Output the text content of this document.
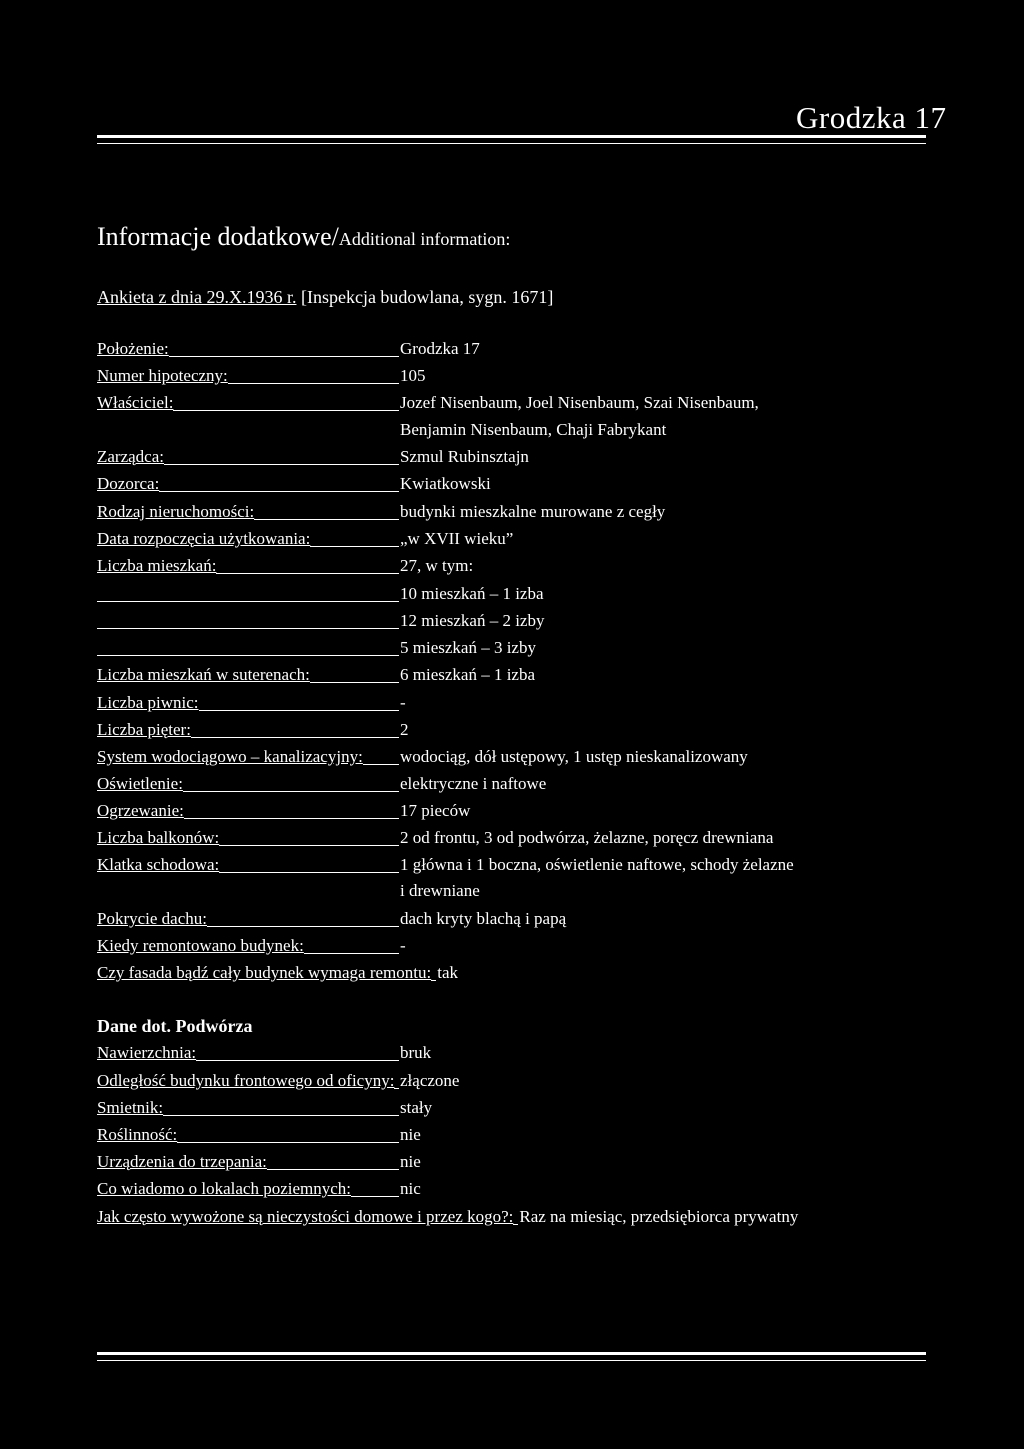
Grodzka 17
Informacje dodatkowe/Additional information:
Ankieta z dnia 29.X.1936 r. [Inspekcja budowlana, sygn. 1671]
Położenie:	Grodzka 17
Numer hipoteczny:	105
Właściciel:	Jozef Nisenbaum, Joel Nisenbaum, Szai Nisenbaum,
Benjamin Nisenbaum, Chaji Fabrykant
Zarządca:	Szmul Rubinsztajn
Dozorca:	Kwiatkowski
Rodzaj nieruchomości:	budynki mieszkalne murowane z cegły
Data rozpoczęcia użytkowania:	„w XVII wieku”
Liczba mieszkań:	27, w tym:
10 mieszkań – 1 izba
12 mieszkań – 2 izby
5 mieszkań – 3 izby
Liczba mieszkań w suterenach:	6 mieszkań – 1 izba
Liczba piwnic:	-
Liczba pięter:	2
System wodociągowo – kanalizacyjny: wodociąg, dół ustępowy, 1 ustęp nieskanalizowany
Oświetlenie:	elektryczne i naftowe
Ogrzewanie:	17 pieców
Liczba balkonów:	2 od frontu, 3 od podwórza, żelazne, poręcz drewniana
Klatka schodowa:	1 główna i 1 boczna, oświetlenie naftowe, schody żelazne
i drewniane
Pokrycie dachu:	dach kryty blachą i papą
Kiedy remontowano budynek:	-
Czy fasada bądź cały budynek wymaga remontu: tak
Dane dot. Podwórza
Nawierzchnia:	bruk
Odległość budynku frontowego od oficyny: złączone
Smietnik:	stały
Roślinność:	nie
Urządzenia do trzepania:	nie
Co wiadomo o lokalach poziemnych:	nic
Jak często wywożone są nieczystości domowe i przez kogo?: Raz na miesiąc, przedsiębiorca prywatny
